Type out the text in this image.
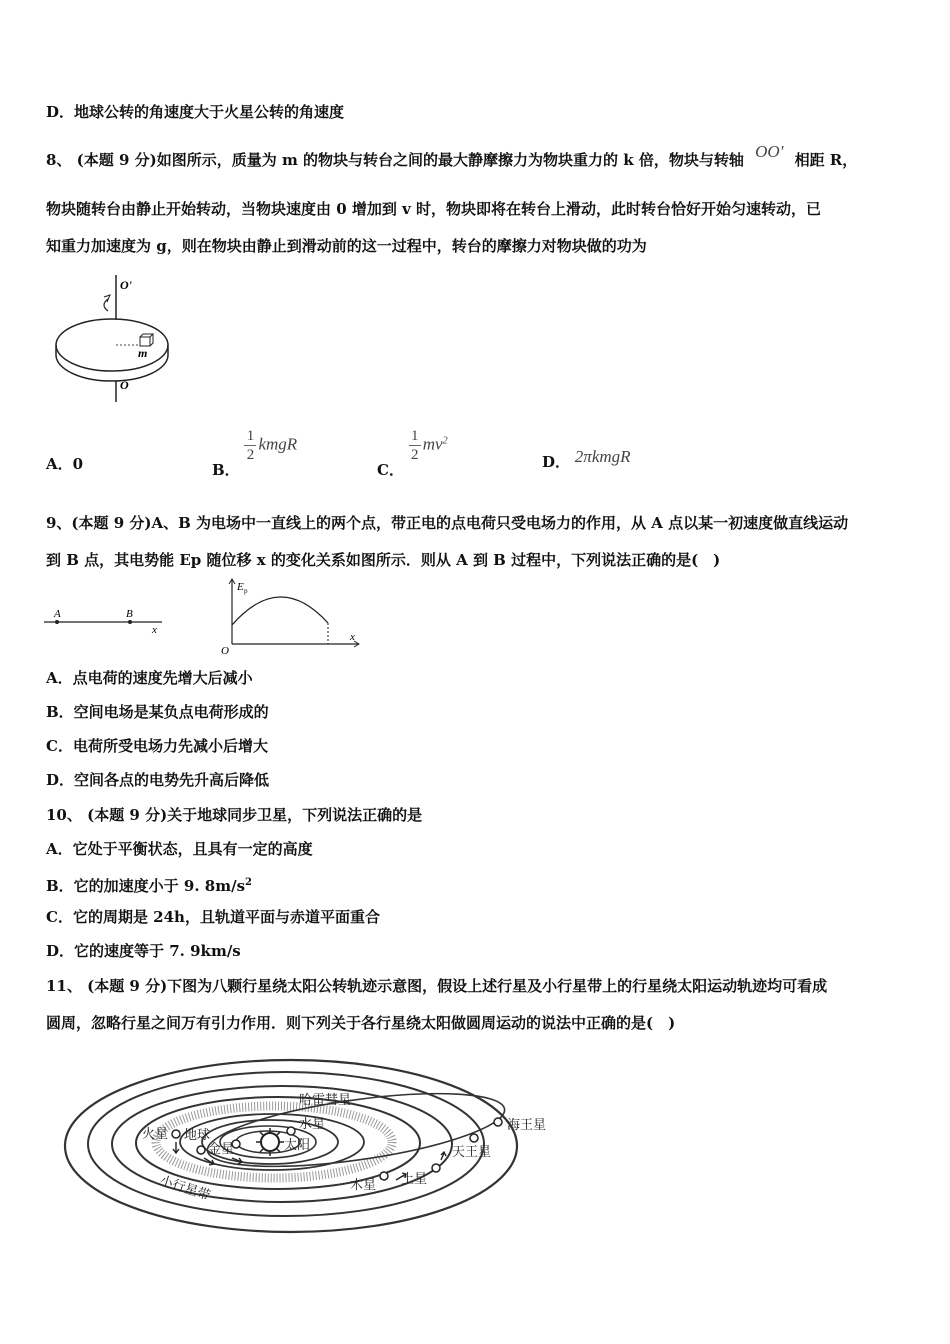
D．地球公转的角速度大于火星公转的角速度
8、 (本题 9 分)如图所示，质量为 m 的物块与转台之间的最大静摩擦力为物块重力的 k 倍，物块与转轴 OO' 相距 R，
物块随转台由静止开始转动，当物块速度由 0 增加到 v 时，物块即将在转台上滑动，此时转台恰好开始匀速转动，已
知重力加速度为 g，则在物块由静止到滑动前的这一过程中，转台的摩擦力对物块做的功为
O'
m
O
A．0	B．
$\frac{1}{2}$ kmgR
C．
$\frac{1}{2} mv^2$
D． 2πkmgR
9、(本题 9 分)A、B 为电场中一直线上的两个点，带正电的点电荷只受电场力的作用，从 A 点以某一初速度做直线运动
到 B 点，其电势能 Ep 随位移 x 的变化关系如图所示．则从 A 到 B 过程中，下列说法正确的是(　)
A	B
x
E p
O
x
A．点电荷的速度先增大后减小
B．空间电场是某负点电荷形成的
C．电荷所受电场力先减小后增大
D．空间各点的电势先升高后降低
10、 (本题 9 分)关于地球同步卫星，下列说法正确的是
A．它处于平衡状态，且具有一定的高度
B．它的加速度小于 9. $8m/s^2$
C．它的周期是 24h，且轨道平面与赤道平面重合
D．它的速度等于 7. 9km/s
11、 (本题 9 分)下图为八颗行星绕太阳公转轨迹示意图，假设上述行星及小行星带上的行星绕太阳运动轨迹均可看成
圆周，忽略行星之间万有引力作用．则下列关于各行星绕太阳做圆周运动的说法中正确的是(　)
哈雷彗星
海王星
火星 地球
水星
金星	太阳	天王星
小行星带	土星
木星
